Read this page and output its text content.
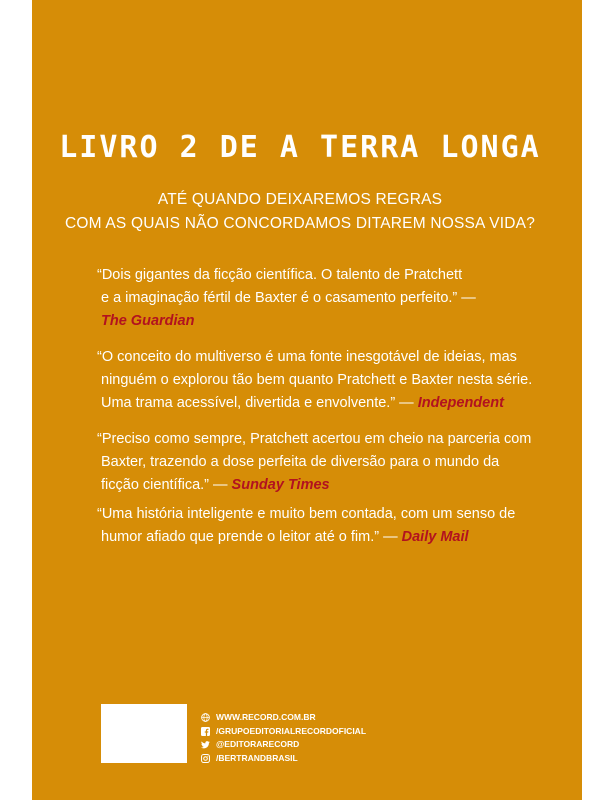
LIVRO 2 DE A TERRA LONGA
ATÉ QUANDO DEIXAREMOS REGRAS
COM AS QUAIS NÃO CONCORDAMOS DITAREM NOSSA VIDA?
“Dois gigantes da ficção científica. O talento de Pratchett
e a imaginação fértil de Baxter é o casamento perfeito.” —
The Guardian
“O conceito do multiverso é uma fonte inesgotável de ideias, mas
ninguém o explorou tão bem quanto Pratchett e Baxter nesta série.
Uma trama acessível, divertida e envolvente.” — Independent
“Preciso como sempre, Pratchett acertou em cheio na parceria com
Baxter, trazendo a dose perfeita de diversão para o mundo da
ficção científica.” — Sunday Times
“Uma história inteligente e muito bem contada, com um senso de
humor afiado que prende o leitor até o fim.” — Daily Mail
WWW.RECORD.COM.BR
/GRUPOEDITORIALRECORDOFICIAL
@EDITORARECORD
/BERTRANDBRASIL
